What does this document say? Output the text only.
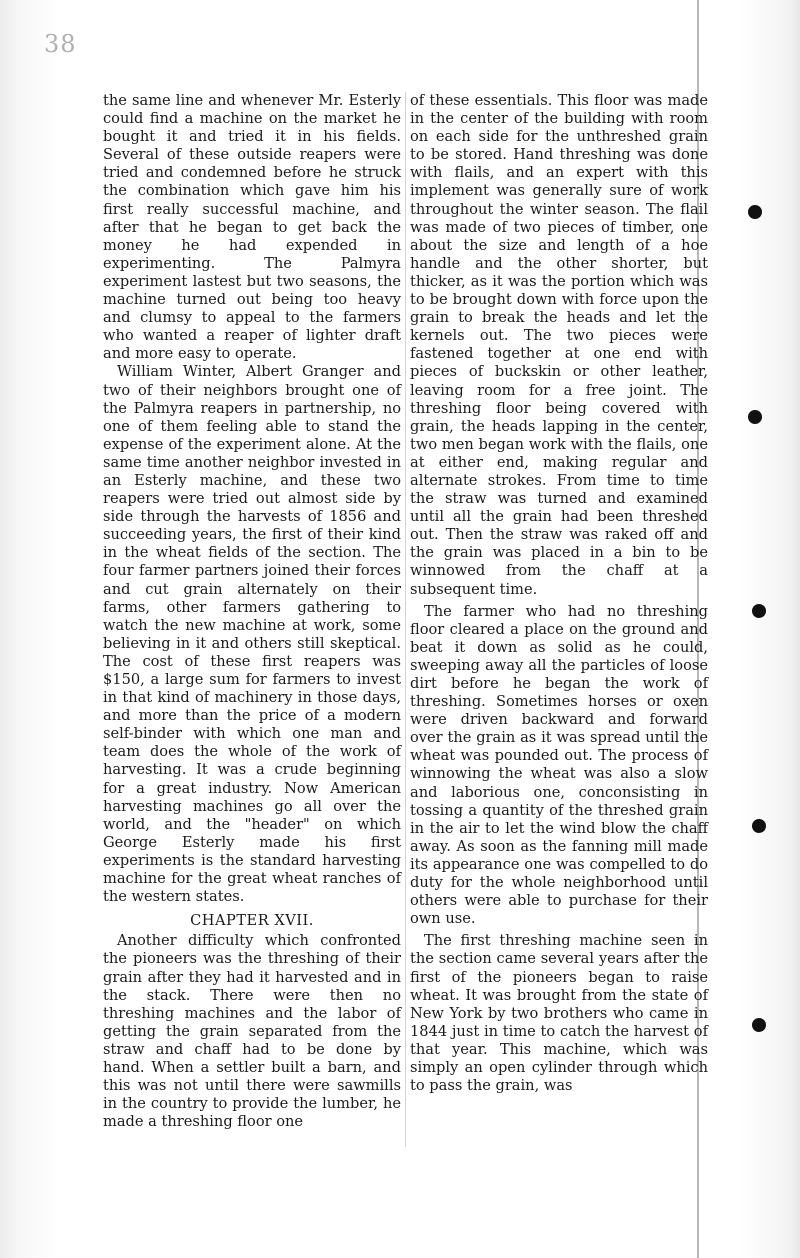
38

the same line and whenever Mr. Esterly could find a machine on the market he bought it and tried it in his fields. Several of these outside reapers were tried and condemned before he struck the combination which gave him his first really successful machine, and after that he began to get back the money he had expended in experimenting. The Palmyra experiment lastest but two seasons, the machine turned out being too heavy and clumsy to appeal to the farmers who wanted a reaper of lighter draft and more easy to operate.

William Winter, Albert Granger and two of their neighbors brought one of the Palmyra reapers in partnership, no one of them feeling able to stand the expense of the experiment alone. At the same time another neighbor invested in an Esterly machine, and these two reapers were tried out almost side by side through the harvests of 1856 and succeeding years, the first of their kind in the wheat fields of the section. The four farmer partners joined their forces and cut grain alternately on their farms, other farmers gathering to watch the new machine at work, some believing in it and others still skeptical. The cost of these first reapers was $150, a large sum for farmers to invest in that kind of machinery in those days, and more than the price of a modern self-binder with which one man and team does the whole of the work of harvesting. It was a crude beginning for a great industry. Now American harvesting machines go all over the world, and the "header" on which George Esterly made his first experiments is the standard harvesting machine for the great wheat ranches of the western states.

CHAPTER XVII.

Another difficulty which confronted the pioneers was the threshing of their grain after they had it harvested and in the stack. There were then no threshing machines and the labor of getting the grain separated from the straw and chaff had to be done by hand. When a settler built a barn, and this was not until there were sawmills in the country to provide the lumber, he made a threshing floor one

of these essentials. This floor was made in the center of the building with room on each side for the unthreshed grain to be stored. Hand threshing was done with flails, and an expert with this implement was generally sure of work throughout the winter season. The flail was made of two pieces of timber, one about the size and length of a hoe handle and the other shorter, but thicker, as it was the portion which was to be brought down with force upon the grain to break the heads and let the kernels out. The two pieces were fastened together at one end with pieces of buckskin or other leather, leaving room for a free joint. The threshing floor being covered with grain, the heads lapping in the center, two men began work with the flails, one at either end, making regular and alternate strokes. From time to time the straw was turned and examined until all the grain had been threshed out. Then the straw was raked off and the grain was placed in a bin to be winnowed from the chaff at a subsequent time.

The farmer who had no threshing floor cleared a place on the ground and beat it down as solid as he could, sweeping away all the particles of loose dirt before he began the work of threshing. Sometimes horses or oxen were driven backward and forward over the grain as it was spread until the wheat was pounded out. The process of winnowing the wheat was also a slow and laborious one, conconsisting in tossing a quantity of the threshed grain in the air to let the wind blow the chaff away. As soon as the fanning mill made its appearance one was compelled to do duty for the whole neighborhood until others were able to purchase for their own use.

The first threshing machine seen in the section came several years after the first of the pioneers began to raise wheat. It was brought from the state of New York by two brothers who came in 1844 just in time to catch the harvest of that year. This machine, which was simply an open cylinder through which to pass the grain, was
